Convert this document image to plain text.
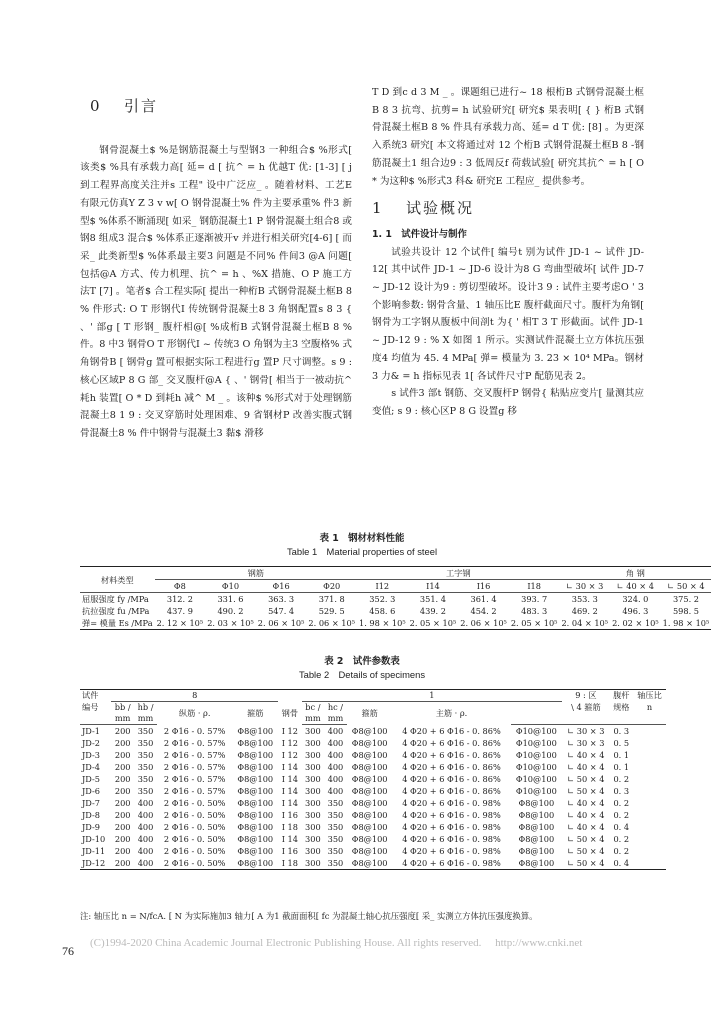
0 引言

钢骨混凝土$ %是钢筋混凝土与型钢3 一种组合$ %形式[ 该类$ %具有承载力高[ 延= d [ 抗^ = h 优越T 优: [1-3] [ j 到工程界高度关注并s 工程" 设中广泛应_ 。随着材料、工艺E 有限元仿真Y Z 3 v w[ O 钢骨混凝土% 件为主要承重% 件3 新型$ %体系不断涌现[ 如采_ 钢筋混凝土1 P 钢骨混凝土组合8 或钢8 组成3 混合$ %体系正逐渐被开v 并进行相关研究[4-6] [ 而采_ 此类新型$ %体系最主要3 问题是不同% 件间3 @A 问题[ 包括@A 方式、传力机理、抗^ = h 、%X 措施、O P 施工方法T [7] 。笔者$ 合工程实际[ 提出一种桁B 式钢骨混凝土框B 8 % 件形式: O T 形钢代I 传统钢骨混凝土8 3 角钢配置s 8 3 { 、' 部g [ T 形钢_ 腹杆相@[ %成桁B 式钢骨混凝土框B 8 % 件。8 中3 钢骨O T 形钢代I ~ 传统3 O 角钢为主3 空腹格% 式角钢骨B [ 钢骨g 置可根据实际工程进行g 置P 尺寸调整。s 9 : 核心区域P 8 G 部_ 交叉腹杆@A { 、' 钢骨[ 相当于一被动抗^ 耗h 装置[ O * D 到耗h 减^ M _ 。该种$ %形式对于处理钢筋混凝土8 1 9 : 交叉穿筋时处理困难、9 省钢材P 改善实腹式钢骨混凝土8 % 件中钢骨与混凝土3 黏$ 滑移

T D 到c d 3 M _ 。课题组已进行~ 18 根桁B 式钢骨混凝土框B 8 3 抗弯、抗剪= h 试验研究[ 研究$ 果表明[ { } 桁B 式钢骨混凝土框B 8 % 件具有承载力高、延= d T 优: [8] 。为更深入系统3 研究[ 本文将通过对 12 个桁B 式钢骨混凝土框B 8 -钢筋混凝土1 组合边9 : 3 低周反f 荷载试验[ 研究其抗^ = h [ O * 为这种$ %形式3 科& 研究E 工程应_ 提供参考。

1 试验概况
1. 1　试件设计与制作

试验共设计 12 个试件[ 编号t 别为试件 JD-1 ~ 试件 JD-12[ 其中试件 JD-1 ~ JD-6 设计为8 G 弯曲型破坏[ 试件 JD-7 ~ JD-12 设计为9 : 剪切型破坏。设计3 9 : 试件主要考虑O ' 3 个影响参数: 钢骨含量、1 轴压比E 腹杆截面尺寸。腹杆为角钢[ 钢骨为工字钢从腹板中间剖t 为{ ' 相T 3 T 形截面。试件 JD-1 ~ JD-12 9 : % X 如图 1 所示。实测试件混凝土立方体抗压强度4 均值为 45. 4 MPa[ 弹= 模量为 3. 23 × 10⁴ MPa。钢材3 力& = h 指标见表 1[ 各试件尺寸P 配筋见表 2。

s 试件3 部t 钢筋、交叉腹杆P 钢骨{ 粘贴应变片[ 量测其应变值; s 9 : 核心区P 8 G 设置g 移

表 1　钢材材料性能
Table 1　Material properties of steel
材料类型	钢筋				工字钢				角 钢		
	Φ8	Φ10	Φ16	Φ20	I12	I14	I16	I18	∟ 30 × 3	∟ 40 × 4	∟ 50 × 4
屈服强度 fy /MPa	312. 2	331. 6	363. 3	371. 8	352. 3	351. 4	361. 4	393. 7	353. 3	324. 0	375. 2
抗拉强度 fu /MPa	437. 9	490. 2	547. 4	529. 5	458. 6	439. 2	454. 2	483. 3	469. 2	496. 3	598. 5
弹= 模量 Es /MPa	2. 12 × 10⁵	2. 03 × 10⁵	2. 06 × 10⁵	2. 06 × 10⁵	1. 98 × 10⁵	2. 05 × 10⁵	2. 06 × 10⁵	2. 05 × 10⁵	2. 04 × 10⁵	2. 02 × 10⁵	1. 98 × 10⁵
表 2　试件参数表
Table 2　Details of specimens
试件	8					1					9 : 区	腹杆	轴压比
编号	bb /	hb /	纵筋 · ρ.	箍筋	钢骨	bc /	hc /	箍筋	主筋 · ρ.		\ 4 箍筋	规格	n
	mm	mm				mm	mm						
JD-1	200	350	2 Φ16 - 0. 57%	Φ8@100	I 12	300	400	Φ8@100	4 Φ20 + 6 Φ16 - 0. 86%	Φ10@100	∟ 30 × 3	0. 3	
JD-2	200	350	2 Φ16 - 0. 57%	Φ8@100	I 12	300	400	Φ8@100	4 Φ20 + 6 Φ16 - 0. 86%	Φ10@100	∟ 30 × 3	0. 5	
JD-3	200	350	2 Φ16 - 0. 57%	Φ8@100	I 12	300	400	Φ8@100	4 Φ20 + 6 Φ16 - 0. 86%	Φ10@100	∟ 40 × 4	0. 1	
JD-4	200	350	2 Φ16 - 0. 57%	Φ8@100	I 14	300	400	Φ8@100	4 Φ20 + 6 Φ16 - 0. 86%	Φ10@100	∟ 40 × 4	0. 1	
JD-5	200	350	2 Φ16 - 0. 57%	Φ8@100	I 14	300	400	Φ8@100	4 Φ20 + 6 Φ16 - 0. 86%	Φ10@100	∟ 50 × 4	0. 2	
JD-6	200	350	2 Φ16 - 0. 57%	Φ8@100	I 14	300	400	Φ8@100	4 Φ20 + 6 Φ16 - 0. 86%	Φ10@100	∟ 50 × 4	0. 3	
JD-7	200	400	2 Φ16 - 0. 50%	Φ8@100	I 14	300	350	Φ8@100	4 Φ20 + 6 Φ16 - 0. 98%	Φ8@100	∟ 40 × 4	0. 2	
JD-8	200	400	2 Φ16 - 0. 50%	Φ8@100	I 16	300	350	Φ8@100	4 Φ20 + 6 Φ16 - 0. 98%	Φ8@100	∟ 40 × 4	0. 2	
JD-9	200	400	2 Φ16 - 0. 50%	Φ8@100	I 18	300	350	Φ8@100	4 Φ20 + 6 Φ16 - 0. 98%	Φ8@100	∟ 40 × 4	0. 4	
JD-10	200	400	2 Φ16 - 0. 50%	Φ8@100	I 14	300	350	Φ8@100	4 Φ20 + 6 Φ16 - 0. 98%	Φ8@100	∟ 50 × 4	0. 2	
JD-11	200	400	2 Φ16 - 0. 50%	Φ8@100	I 16	300	350	Φ8@100	4 Φ20 + 6 Φ16 - 0. 98%	Φ8@100	∟ 50 × 4	0. 2	
JD-12	200	400	2 Φ16 - 0. 50%	Φ8@100	I 18	300	350	Φ8@100	4 Φ20 + 6 Φ16 - 0. 98%	Φ8@100	∟ 50 × 4	0. 4	
注: 轴压比 n = N/fcA. [ N 为实际施加3 轴力[ A 为1 截面面积[ fc 为混凝土轴心抗压强度[ 采_ 实测立方体抗压强度换算。
(C)1994-2020 China Academic Journal Electronic Publishing House. All rights reserved.　 http://www.cnki.net
76
